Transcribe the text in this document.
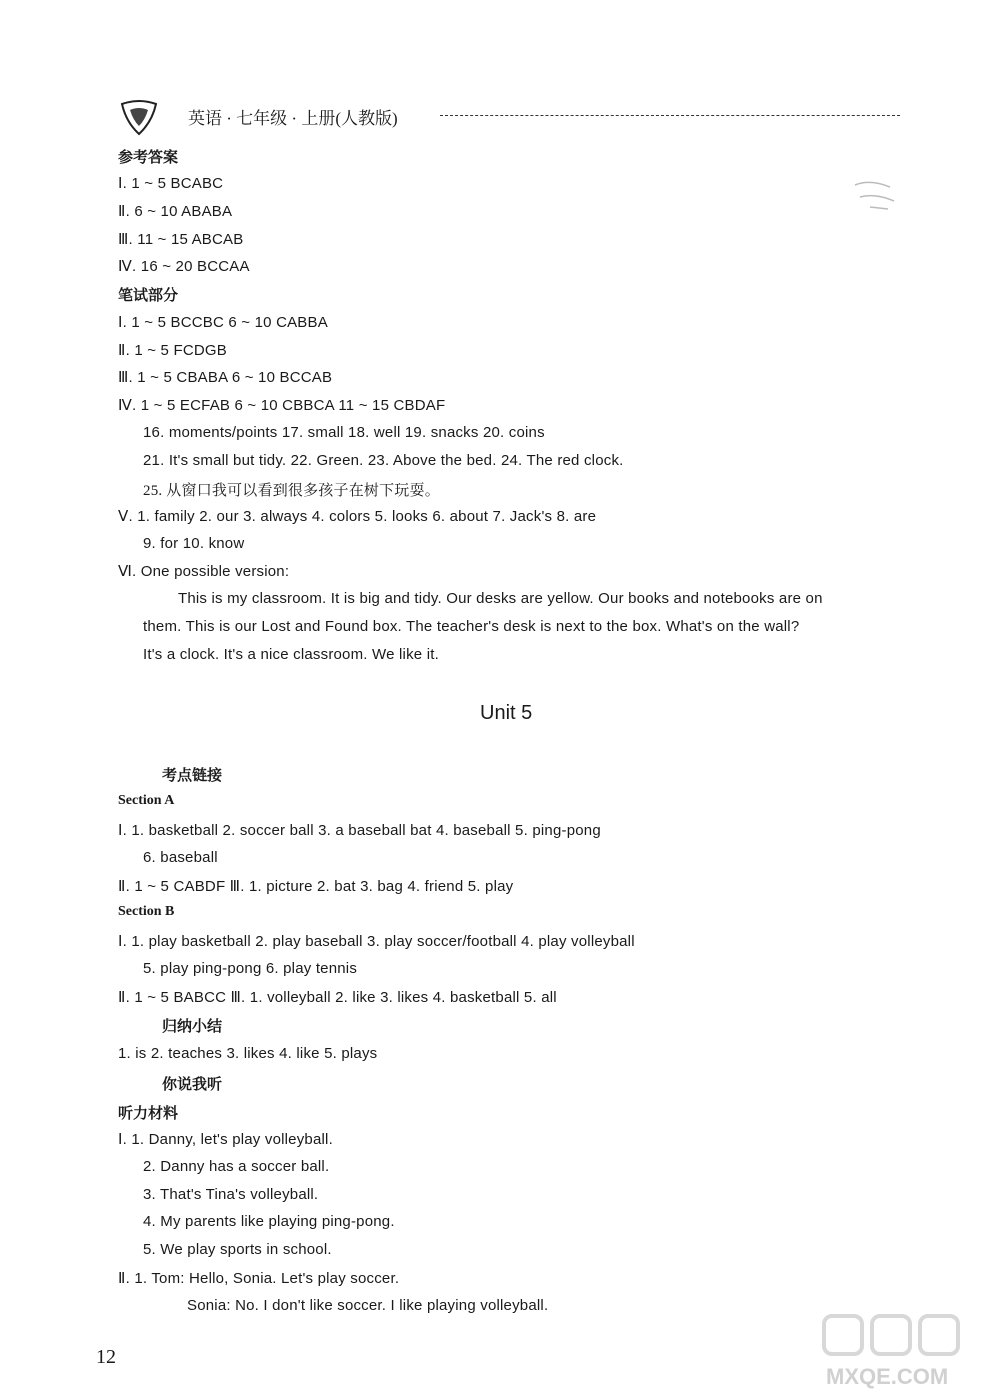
英语 · 七年级 · 上册(人教版)
参考答案
Ⅰ. 1 ~ 5 BCABC
Ⅱ. 6 ~ 10 ABABA
Ⅲ. 11 ~ 15 ABCAB
Ⅳ. 16 ~ 20 BCCAA
笔试部分
Ⅰ. 1 ~ 5 BCCBC 6 ~ 10 CABBA
Ⅱ. 1 ~ 5 FCDGB
Ⅲ. 1 ~ 5 CBABA 6 ~ 10 BCCAB
Ⅳ. 1 ~ 5 ECFAB 6 ~ 10 CBBCA 11 ~ 15 CBDAF
16. moments/points 17. small 18. well 19. snacks 20. coins
21. It's small but tidy. 22. Green. 23. Above the bed. 24. The red clock.
25. 从窗口我可以看到很多孩子在树下玩耍。
Ⅴ. 1. family 2. our 3. always 4. colors 5. looks 6. about 7. Jack's 8. are
9. for 10. know
Ⅵ. One possible version:
This is my classroom. It is big and tidy. Our desks are yellow. Our books and notebooks are on
them. This is our Lost and Found box. The teacher's desk is next to the box. What's on the wall?
It's a clock. It's a nice classroom. We like it.
Unit 5
考点链接
Section A
Ⅰ. 1. basketball 2. soccer ball 3. a baseball bat 4. baseball 5. ping-pong
6. baseball
Ⅱ. 1 ~ 5 CABDF Ⅲ. 1. picture 2. bat 3. bag 4. friend 5. play
Section B
Ⅰ. 1. play basketball 2. play baseball 3. play soccer/football 4. play volleyball
5. play ping-pong 6. play tennis
Ⅱ. 1 ~ 5 BABCC Ⅲ. 1. volleyball 2. like 3. likes 4. basketball 5. all
归纳小结
1. is 2. teaches 3. likes 4. like 5. plays
你说我听
听力材料
Ⅰ. 1. Danny, let's play volleyball.
2. Danny has a soccer ball.
3. That's Tina's volleyball.
4. My parents like playing ping-pong.
5. We play sports in school.
Ⅱ. 1. Tom: Hello, Sonia. Let's play soccer.
Sonia: No. I don't like soccer. I like playing volleyball.
12
MXQE.COM
